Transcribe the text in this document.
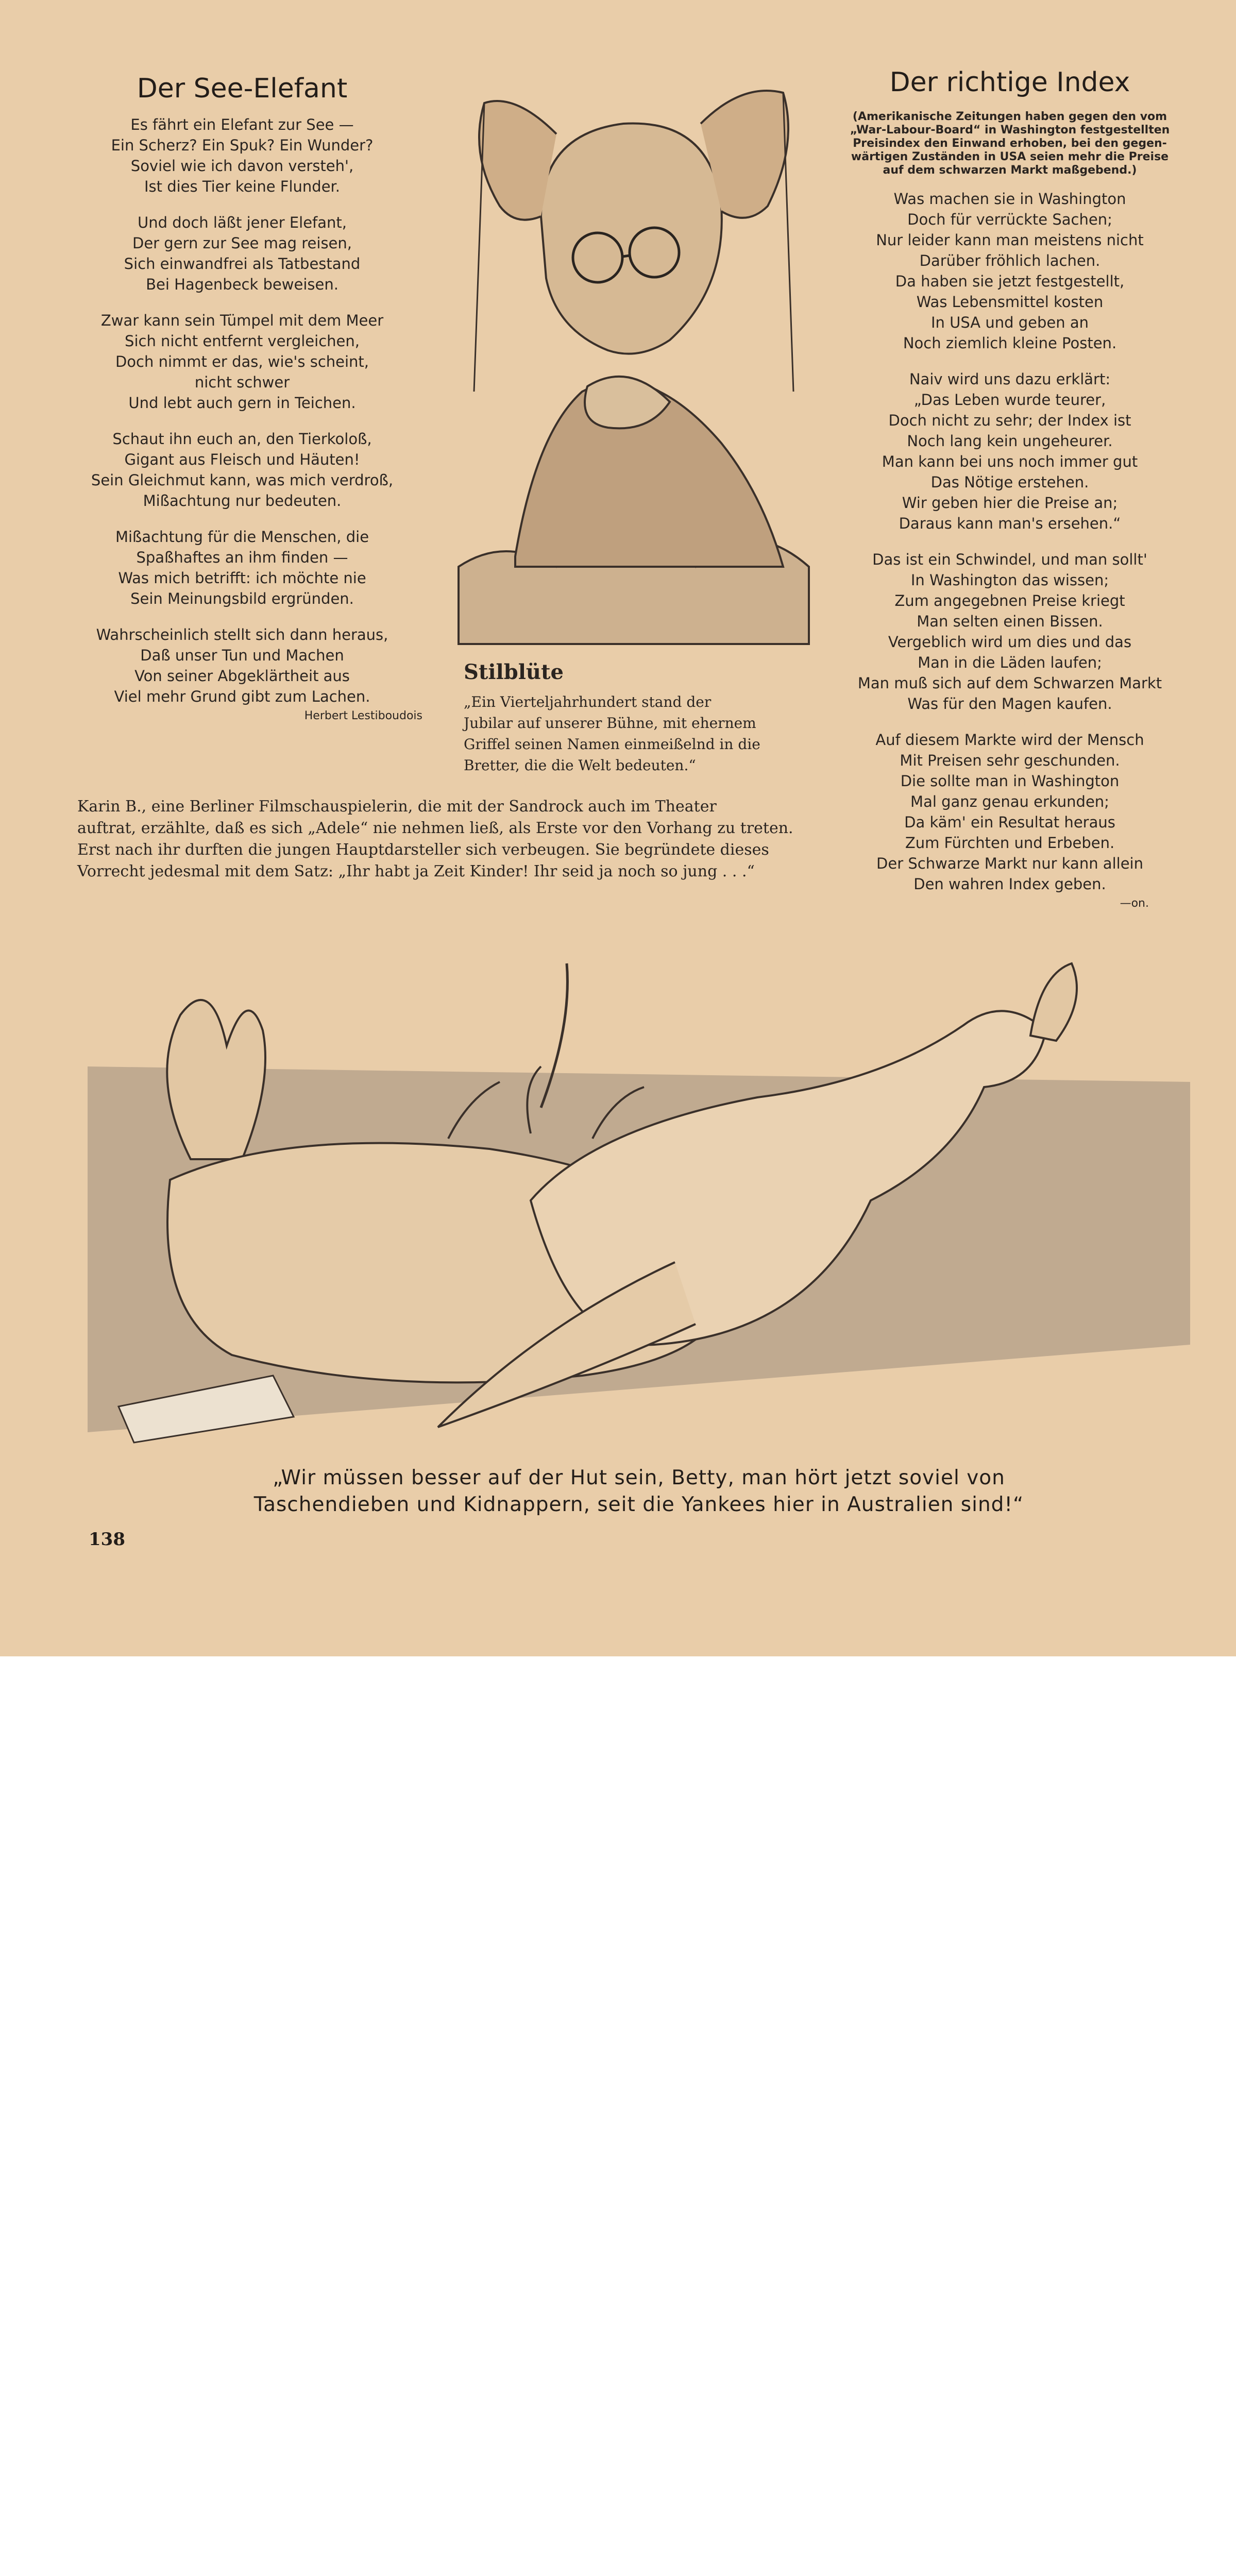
Der See-Elefant
Es fährt ein Elefant zur See —
Ein Scherz? Ein Spuk? Ein Wunder?
Soviel wie ich davon versteh',
Ist dies Tier keine Flunder.
Und doch läßt jener Elefant,
Der gern zur See mag reisen,
Sich einwandfrei als Tatbestand
Bei Hagenbeck beweisen.
Zwar kann sein Tümpel mit dem Meer
Sich nicht entfernt vergleichen,
Doch nimmt er das, wie's scheint,
nicht schwer
Und lebt auch gern in Teichen.
Schaut ihn euch an, den Tierkoloß,
Gigant aus Fleisch und Häuten!
Sein Gleichmut kann, was mich verdroß,
Mißachtung nur bedeuten.
Mißachtung für die Menschen, die
Spaßhaftes an ihm finden —
Was mich betrifft: ich möchte nie
Sein Meinungsbild ergründen.
Wahrscheinlich stellt sich dann heraus,
Daß unser Tun und Machen
Von seiner Abgeklärtheit aus
Viel mehr Grund gibt zum Lachen.
Herbert Lestiboudois
Der richtige Index
(Amerikanische Zeitungen haben gegen den vom
„War-Labour-Board“ in Washington festgestellten
Preisindex den Einwand erhoben, bei den gegen-
wärtigen Zuständen in USA seien mehr die Preise
auf dem schwarzen Markt maßgebend.)
Was machen sie in Washington
Doch für verrückte Sachen;
Nur leider kann man meistens nicht
Darüber fröhlich lachen.
Da haben sie jetzt festgestellt,
Was Lebensmittel kosten
In USA und geben an
Noch ziemlich kleine Posten.
Naiv wird uns dazu erklärt:
„Das Leben wurde teurer,
Doch nicht zu sehr; der Index ist
Noch lang kein ungeheurer.
Man kann bei uns noch immer gut
Das Nötige erstehen.
Wir geben hier die Preise an;
Daraus kann man's ersehen.“
Das ist ein Schwindel, und man sollt'
In Washington das wissen;
Zum angegebnen Preise kriegt
Man selten einen Bissen.
Vergeblich wird um dies und das
Man in die Läden laufen;
Man muß sich auf dem Schwarzen Markt
Was für den Magen kaufen.
Auf diesem Markte wird der Mensch
Mit Preisen sehr geschunden.
Die sollte man in Washington
Mal ganz genau erkunden;
Da käm' ein Resultat heraus
Zum Fürchten und Erbeben.
Der Schwarze Markt nur kann allein
Den wahren Index geben.
—on.
Stilblüte
„Ein Vierteljahrhundert stand der
Jubilar auf unserer Bühne, mit ehernem
Griffel seinen Namen einmeißelnd in die
Bretter, die die Welt bedeuten.“
Karin B., eine Berliner Filmschauspielerin, die mit der Sandrock auch im Theater
auftrat, erzählte, daß es sich „Adele“ nie nehmen ließ, als Erste vor den Vorhang zu treten.
Erst nach ihr durften die jungen Hauptdarsteller sich verbeugen. Sie begründete dieses
Vorrecht jedesmal mit dem Satz: „Ihr habt ja Zeit Kinder! Ihr seid ja noch so jung . . .“
„Wir müssen besser auf der Hut sein, Betty, man hört jetzt soviel von
Taschendieben und Kidnappern, seit die Yankees hier in Australien sind!“
138
